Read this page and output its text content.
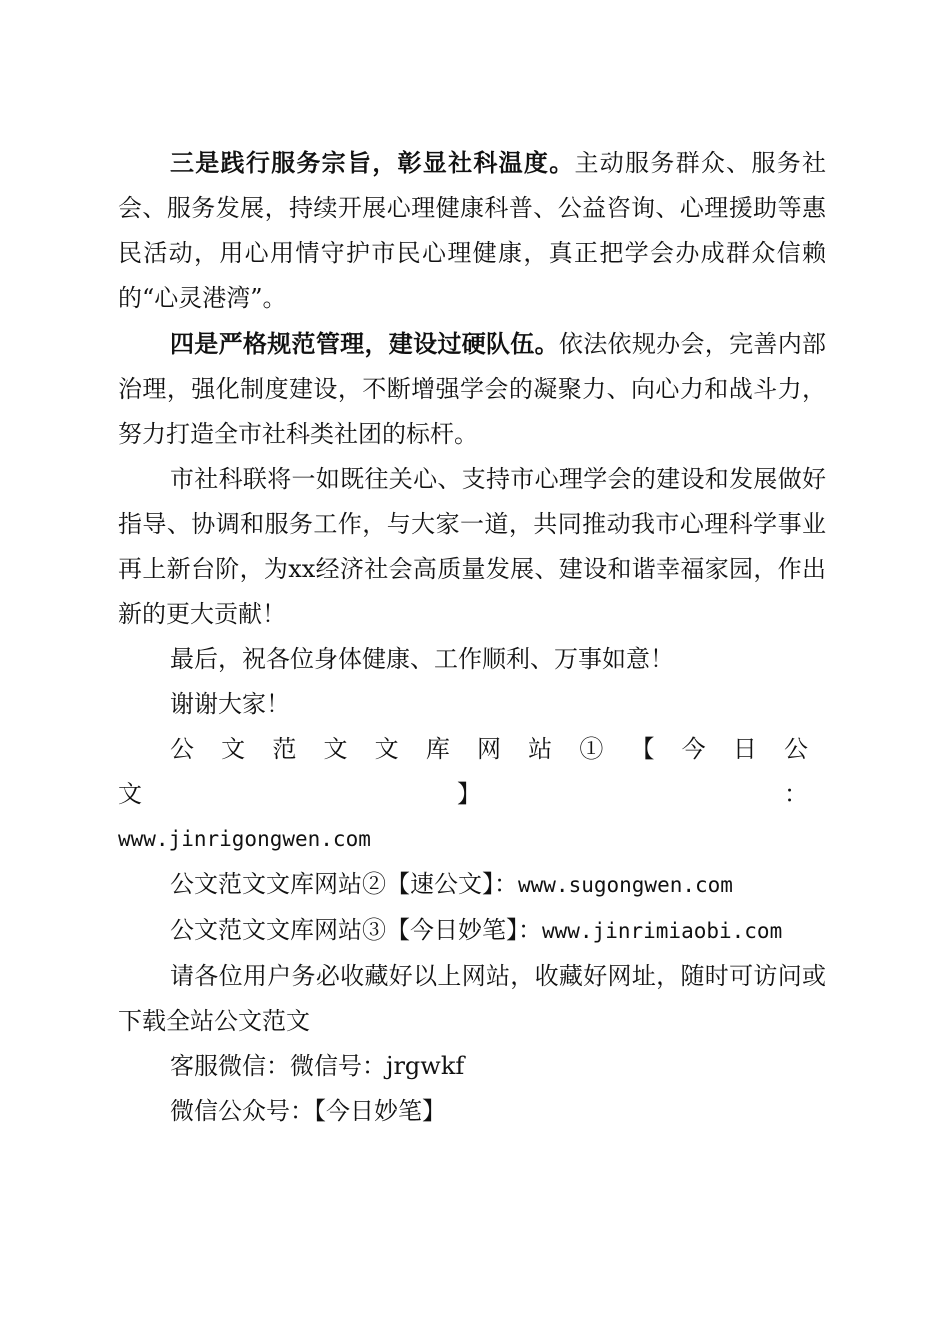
三是践行服务宗旨，彰显社科温度。主动服务群众、服务社会、服务发展，持续开展心理健康科普、公益咨询、心理援助等惠民活动，用心用情守护市民心理健康，真正把学会办成群众信赖的“心灵港湾”。

四是严格规范管理，建设过硬队伍。依法依规办会，完善内部治理，强化制度建设，不断增强学会的凝聚力、向心力和战斗力，努力打造全市社科类社团的标杆。

市社科联将一如既往关心、支持市心理学会的建设和发展做好指导、协调和服务工作，与大家一道，共同推动我市心理科学事业再上新台阶，为xx经济社会高质量发展、建设和谐幸福家园，作出新的更大贡献！

最后，祝各位身体健康、工作顺利、万事如意！

谢谢大家！

公文范文文库网站①【今日公文】：

www.jinrigongwen.com

公文范文文库网站②【速公文】：www.sugongwen.com

公文范文文库网站③【今日妙笔】：www.jinrimiaobi.com

请各位用户务必收藏好以上网站，收藏好网址，随时可访问或下载全站公文范文

客服微信：微信号：jrgwkf

微信公众号：【今日妙笔】
